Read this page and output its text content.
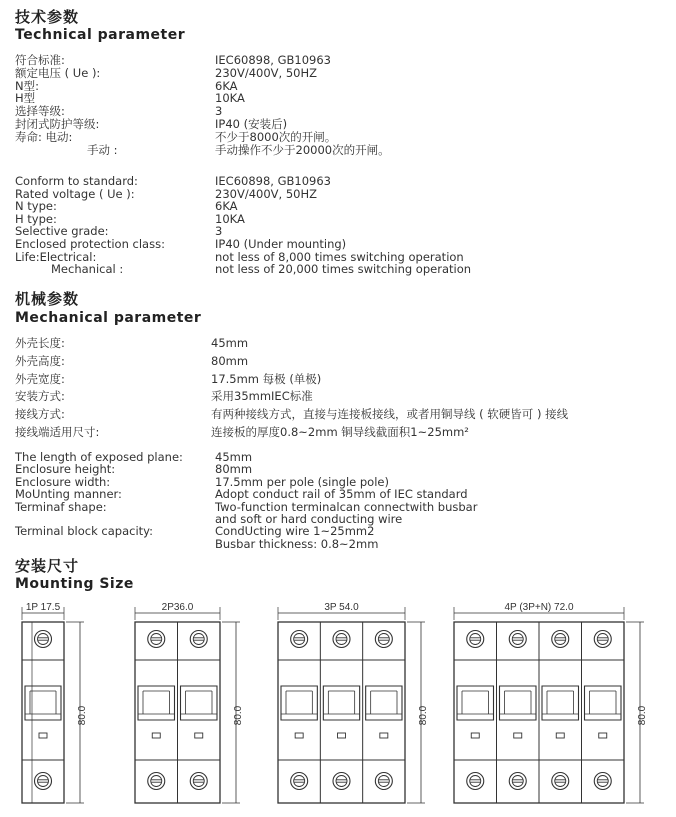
技术参数
Technical parameter
符合标准:	IEC60898, GB10963
额定电压 ( Ue ):	230V/400V, 50HZ
N型:	6KA
H型	10KA
选择等级:	3
封闭式防护等级:	IP40 (安装后)
寿命: 电动:	不少于8000次的开闸。
手动 :	手动操作不少于20000次的开闸。
Conform to standard:	IEC60898, GB10963
Rated voltage ( Ue ):	230V/400V, 50HZ
N type:	6KA
H type:	10KA
Selective grade:	3
Enclosed protection class:	IP40 (Under mounting)
Life:Electrical:	not less of 8,000 times switching operation
Mechanical :	not less of 20,000 times switching operation
机械参数
Mechanical parameter
外壳长度:	45mm
外壳高度:	80mm
外壳宽度:	17.5mm 每极 (单极)
安装方式:	采用35mmIEC标准
接线方式:	有两种接线方式，直接与连接板接线，或者用铜导线 ( 软硬皆可 ) 接线
接线端适用尺寸:	连接板的厚度0.8~2mm 铜导线截面积1~25mm²
The length of exposed plane:	45mm
Enclosure height:	80mm
Enclosure width:	17.5mm per pole (single pole)
MoUnting manner:	Adopt conduct rail of 35mm of IEC standard
Terminaf shape:	Two-function terminalcan connectwith busbar
and soft or hard conducting wire
Terminal block capacity:	CondUcting wire 1~25mm2
Busbar thickness: 0.8~2mm
安装尺寸
Mounting Size
1P 17.5
80.0
2P36.0
80.0
3P 54.0
80.0
4P (3P+N) 72.0
80.0
